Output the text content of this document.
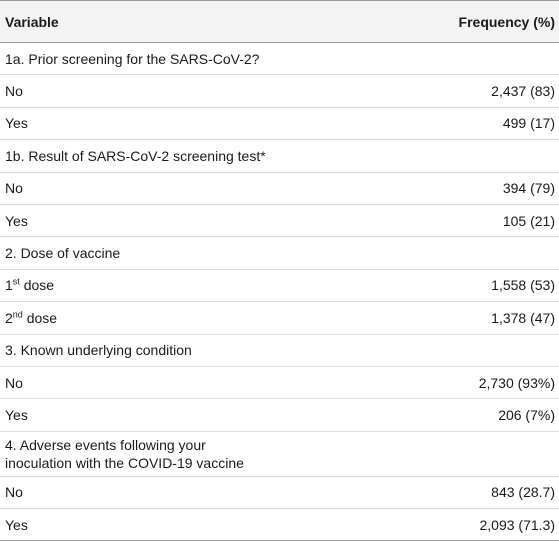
Variable	Frequency (%)
1a. Prior screening for the SARS-CoV-2?	
No	2,437 (83)
Yes	499 (17)
1b. Result of SARS-CoV-2 screening test*	
No	394 (79)
Yes	105 (21)
2. Dose of vaccine	
1st dose	1,558 (53)
2nd dose	1,378 (47)
3. Known underlying condition	
No	2,730 (93%)
Yes	206 (7%)
4. Adverse events following your
inoculation with the COVID-19 vaccine	
No	843 (28.7)
Yes	2,093 (71.3)
